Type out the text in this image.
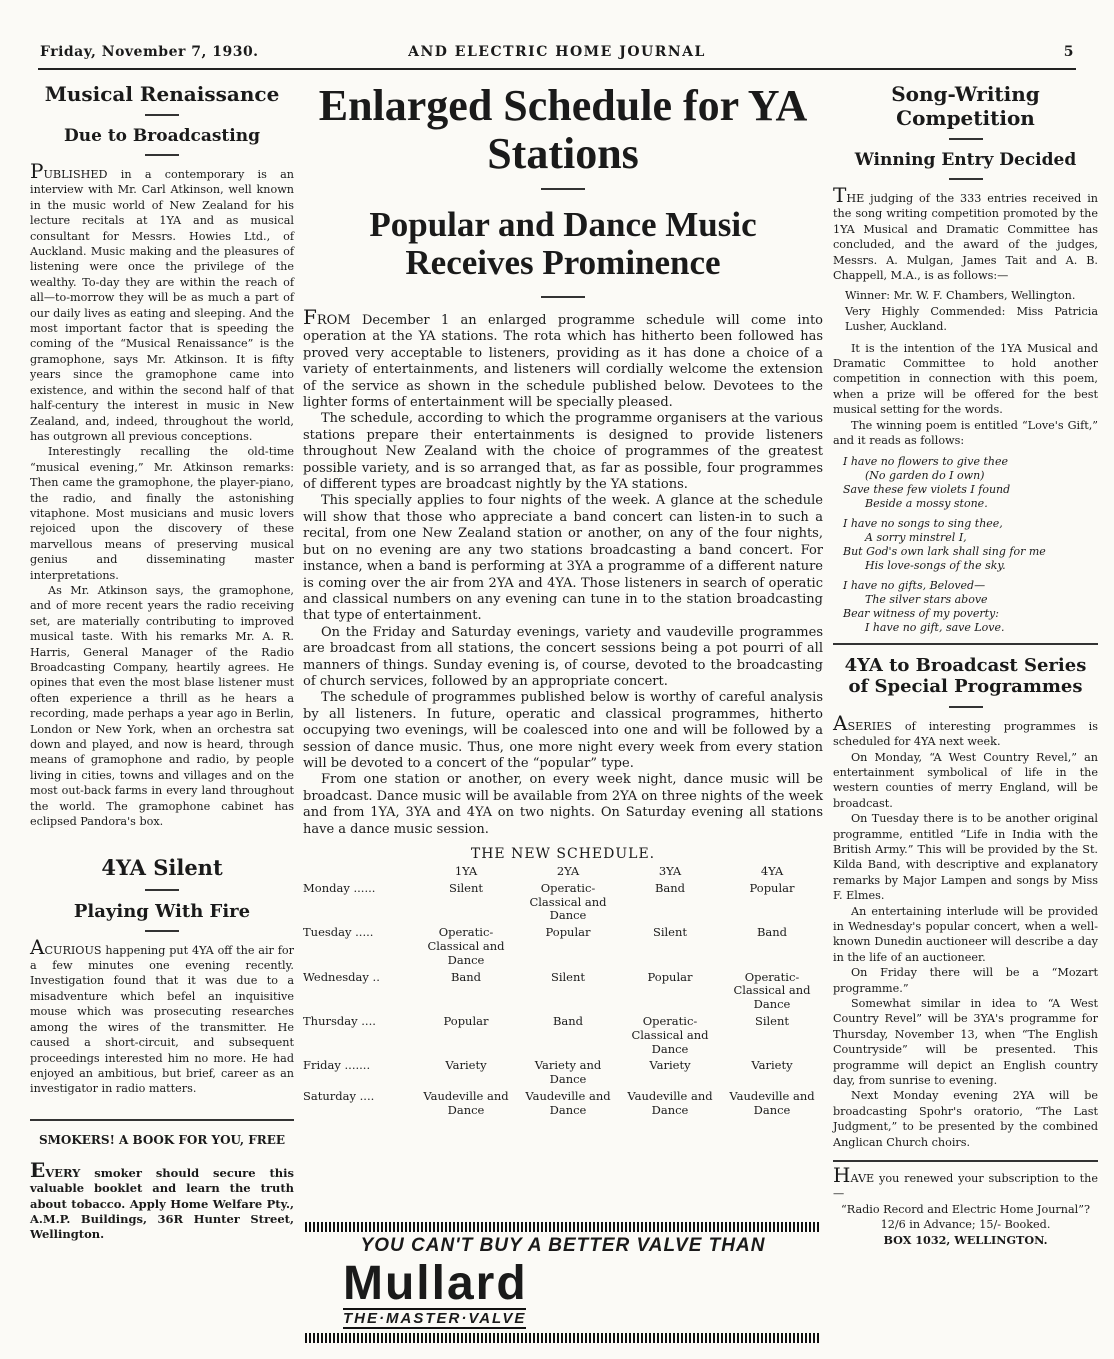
Friday, November 7, 1930.	AND ELECTRIC HOME JOURNAL	5
Musical Renaissance
Due to Broadcasting

PUBLISHED in a contemporary is an interview with Mr. Carl Atkinson, well known in the music world of New Zealand for his lecture recitals at 1YA and as musical consultant for Messrs. Howies Ltd., of Auckland. Music making and the pleasures of listening were once the privilege of the wealthy. To-day they are within the reach of all—to-morrow they will be as much a part of our daily lives as eating and sleeping. And the most important factor that is speeding the coming of the “Musical Renaissance” is the gramophone, says Mr. Atkinson. It is fifty years since the gramophone came into existence, and within the second half of that half-century the interest in music in New Zealand, and, indeed, throughout the world, has outgrown all previous conceptions.

Interestingly recalling the old-time “musical evening,” Mr. Atkinson remarks: Then came the gramophone, the player-piano, the radio, and finally the astonishing vitaphone. Most musicians and music lovers rejoiced upon the discovery of these marvellous means of preserving musical genius and disseminating master interpretations.

As Mr. Atkinson says, the gramophone, and of more recent years the radio receiving set, are materially contributing to improved musical taste. With his remarks Mr. A. R. Harris, General Manager of the Radio Broadcasting Company, heartily agrees. He opines that even the most blase listener must often experience a thrill as he hears a recording, made perhaps a year ago in Berlin, London or New York, when an orchestra sat down and played, and now is heard, through means of gramophone and radio, by people living in cities, towns and villages and on the most out-back farms in every land throughout the world. The gramophone cabinet has eclipsed Pandora's box.

4YA Silent
Playing With Fire

ACURIOUS happening put 4YA off the air for a few minutes one evening recently. Investigation found that it was due to a misadventure which befel an inquisitive mouse which was prosecuting researches among the wires of the transmitter. He caused a short-circuit, and subsequent proceedings interested him no more. He had enjoyed an ambitious, but brief, career as an investigator in radio matters.

SMOKERS! A BOOK FOR YOU, FREE

EVERY smoker should secure this valuable booklet and learn the truth about tobacco. Apply Home Welfare Pty., A.M.P. Buildings, 36R Hunter Street, Wellington.

Enlarged Schedule for YA Stations
Popular and Dance Music Receives Prominence

FROM December 1 an enlarged programme schedule will come into operation at the YA stations. The rota which has hitherto been followed has proved very acceptable to listeners, providing as it has done a choice of a variety of entertainments, and listeners will cordially welcome the extension of the service as shown in the schedule published below. Devotees to the lighter forms of entertainment will be specially pleased.

The schedule, according to which the programme organisers at the various stations prepare their entertainments is designed to provide listeners throughout New Zealand with the choice of programmes of the greatest possible variety, and is so arranged that, as far as possible, four programmes of different types are broadcast nightly by the YA stations.

This specially applies to four nights of the week. A glance at the schedule will show that those who appreciate a band concert can listen-in to such a recital, from one New Zealand station or another, on any of the four nights, but on no evening are any two stations broadcasting a band concert. For instance, when a band is performing at 3YA a programme of a different nature is coming over the air from 2YA and 4YA. Those listeners in search of operatic and classical numbers on any evening can tune in to the station broadcasting that type of entertainment.

On the Friday and Saturday evenings, variety and vaudeville programmes are broadcast from all stations, the concert sessions being a pot pourri of all manners of things. Sunday evening is, of course, devoted to the broadcasting of church services, followed by an appropriate concert.

The schedule of programmes published below is worthy of careful analysis by all listeners. In future, operatic and classical programmes, hitherto occupying two evenings, will be coalesced into one and will be followed by a session of dance music. Thus, one more night every week from every station will be devoted to a concert of the “popular” type.

From one station or another, on every week night, dance music will be broadcast. Dance music will be available from 2YA on three nights of the week and from 1YA, 3YA and 4YA on two nights. On Saturday evening all stations have a dance music session.

THE NEW SCHEDULE.
	1YA	2YA	3YA	4YA
Monday ......	Silent	Operatic-Classical and Dance	Band	Popular
Tuesday .....	Operatic-Classical and Dance	Popular	Silent	Band
Wednesday ..	Band	Silent	Popular	Operatic-Classical and Dance
Thursday ....	Popular	Band	Operatic-Classical and Dance	Silent
Friday .......	Variety	Variety and Dance	Variety	Variety
Saturday ....	Vaudeville and Dance	Vaudeville and Dance	Vaudeville and Dance	Vaudeville and Dance
YOU CAN'T BUY A BETTER VALVE THAN
Mullard
THE·MASTER·VALVE
Song-Writing Competition
Winning Entry Decided

THE judging of the 333 entries received in the song writing competition promoted by the 1YA Musical and Dramatic Committee has concluded, and the award of the judges, Messrs. A. Mulgan, James Tait and A. B. Chappell, M.A., is as follows:—

Winner: Mr. W. F. Chambers, Wellington.

Very Highly Commended: Miss Patricia Lusher, Auckland.

It is the intention of the 1YA Musical and Dramatic Committee to hold another competition in connection with this poem, when a prize will be offered for the best musical setting for the words.

The winning poem is entitled “Love's Gift,” and it reads as follows:

I have no flowers to give thee
(No garden do I own)
Save these few violets I found
Beside a mossy stone.
I have no songs to sing thee,
A sorry minstrel I,
But God's own lark shall sing for me
His love-songs of the sky.
I have no gifts, Beloved—
The silver stars above
Bear witness of my poverty:
I have no gift, save Love.
4YA to Broadcast Series of Special Programmes

ASERIES of interesting programmes is scheduled for 4YA next week.

On Monday, “A West Country Revel,” an entertainment symbolical of life in the western counties of merry England, will be broadcast.

On Tuesday there is to be another original programme, entitled “Life in India with the British Army.” This will be provided by the St. Kilda Band, with descriptive and explanatory remarks by Major Lampen and songs by Miss F. Elmes.

An entertaining interlude will be provided in Wednesday's popular concert, when a well-known Dunedin auctioneer will describe a day in the life of an auctioneer.

On Friday there will be a “Mozart programme.”

Somewhat similar in idea to “A West Country Revel” will be 3YA's programme for Thursday, November 13, when “The English Countryside” will be presented. This programme will depict an English country day, from sunrise to evening.

Next Monday evening 2YA will be broadcasting Spohr's oratorio, “The Last Judgment,” to be presented by the combined Anglican Church choirs.

HAVE you renewed your subscription to the—

“Radio Record and Electric Home Journal”?

12/6 in Advance; 15/- Booked.

BOX 1032, WELLINGTON.
